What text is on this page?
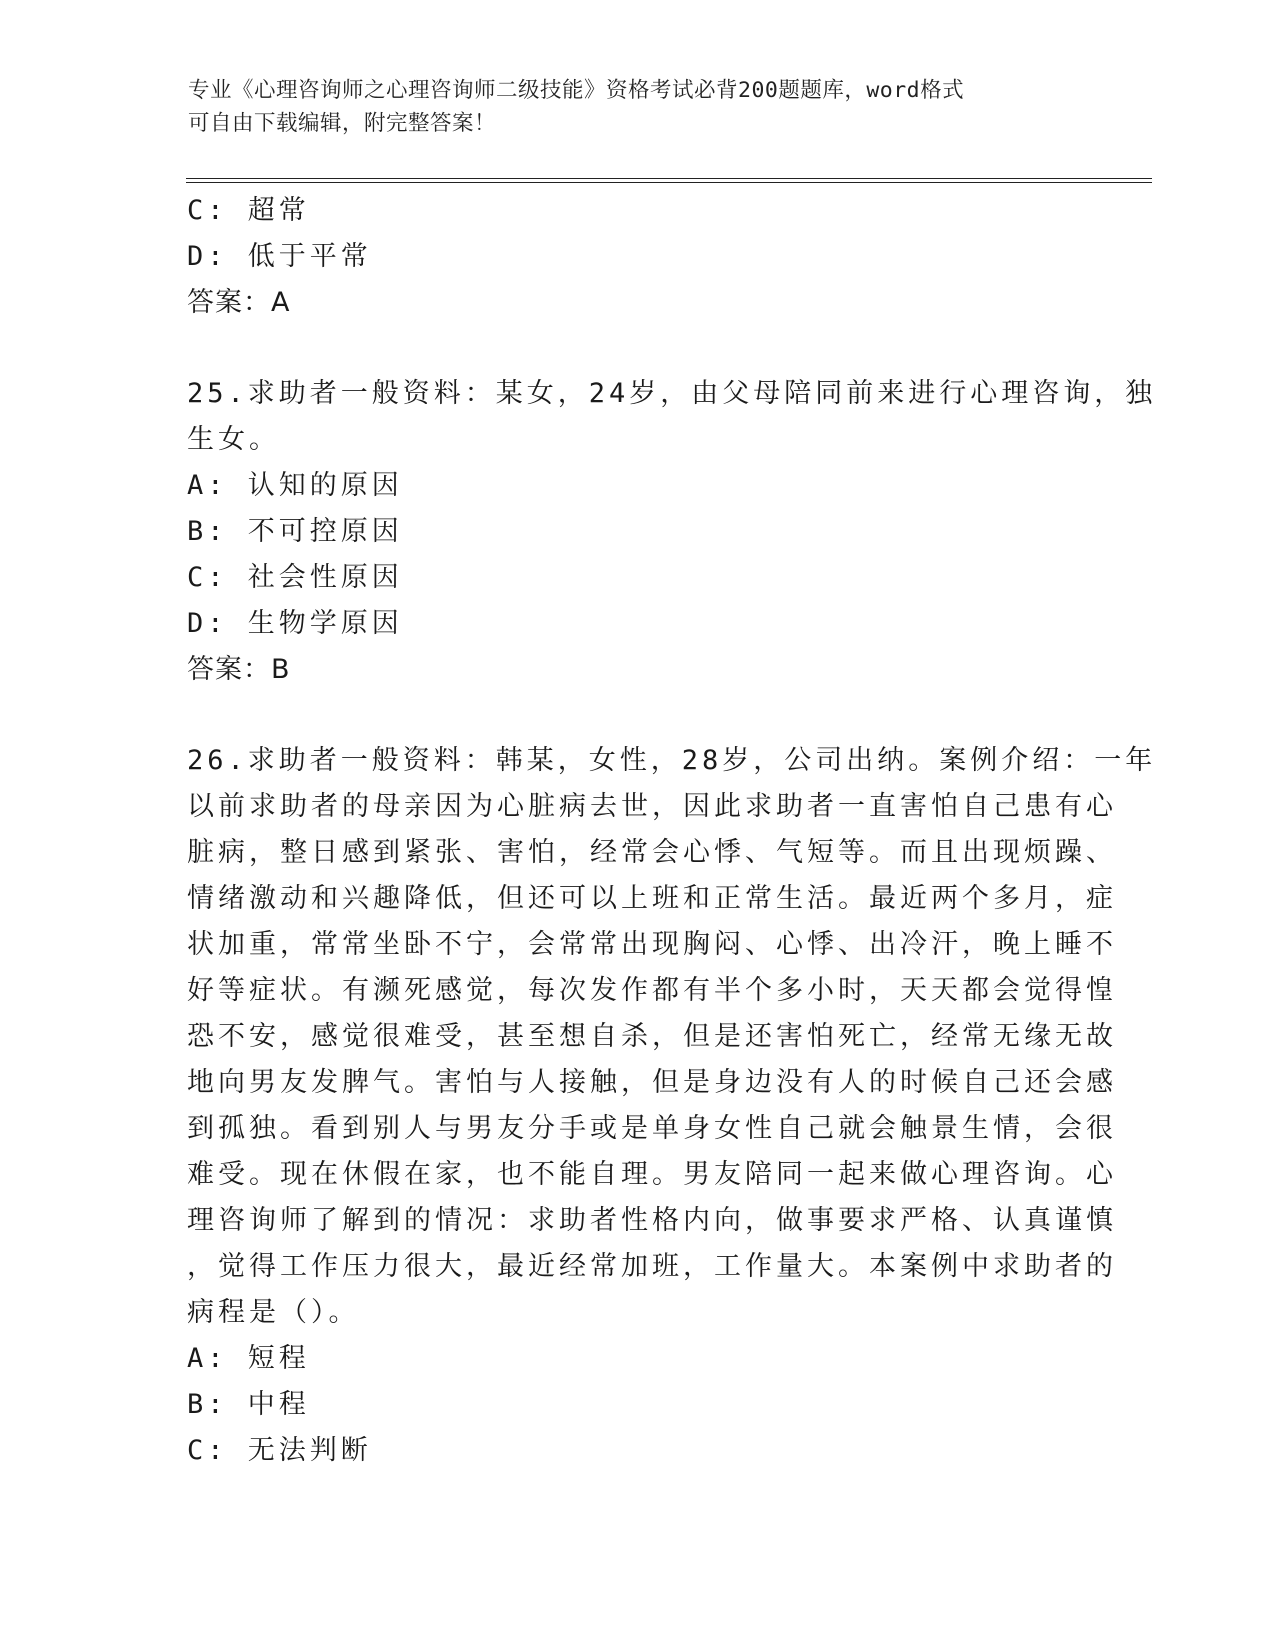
专业《心理咨询师之心理咨询师二级技能》资格考试必背200题题库，word格式
可自由下载编辑，附完整答案！
C: 超常
D: 低于平常
答案：A
25.求助者一般资料：某女，24岁，由父母陪同前来进行心理咨询，独
生女。
A: 认知的原因
B: 不可控原因
C: 社会性原因
D: 生物学原因
答案：B
26.求助者一般资料：韩某，女性，28岁，公司出纳。案例介绍：一年
以前求助者的母亲因为心脏病去世，因此求助者一直害怕自己患有心
脏病，整日感到紧张、害怕，经常会心悸、气短等。而且出现烦躁、
情绪激动和兴趣降低，但还可以上班和正常生活。最近两个多月，症
状加重，常常坐卧不宁，会常常出现胸闷、心悸、出冷汗，晚上睡不
好等症状。有濒死感觉，每次发作都有半个多小时，天天都会觉得惶
恐不安，感觉很难受，甚至想自杀，但是还害怕死亡，经常无缘无故
地向男友发脾气。害怕与人接触，但是身边没有人的时候自己还会感
到孤独。看到别人与男友分手或是单身女性自己就会触景生情，会很
难受。现在休假在家，也不能自理。男友陪同一起来做心理咨询。心
理咨询师了解到的情况：求助者性格内向，做事要求严格、认真谨慎
，觉得工作压力很大，最近经常加班，工作量大。本案例中求助者的
病程是（）。
A: 短程
B: 中程
C: 无法判断
